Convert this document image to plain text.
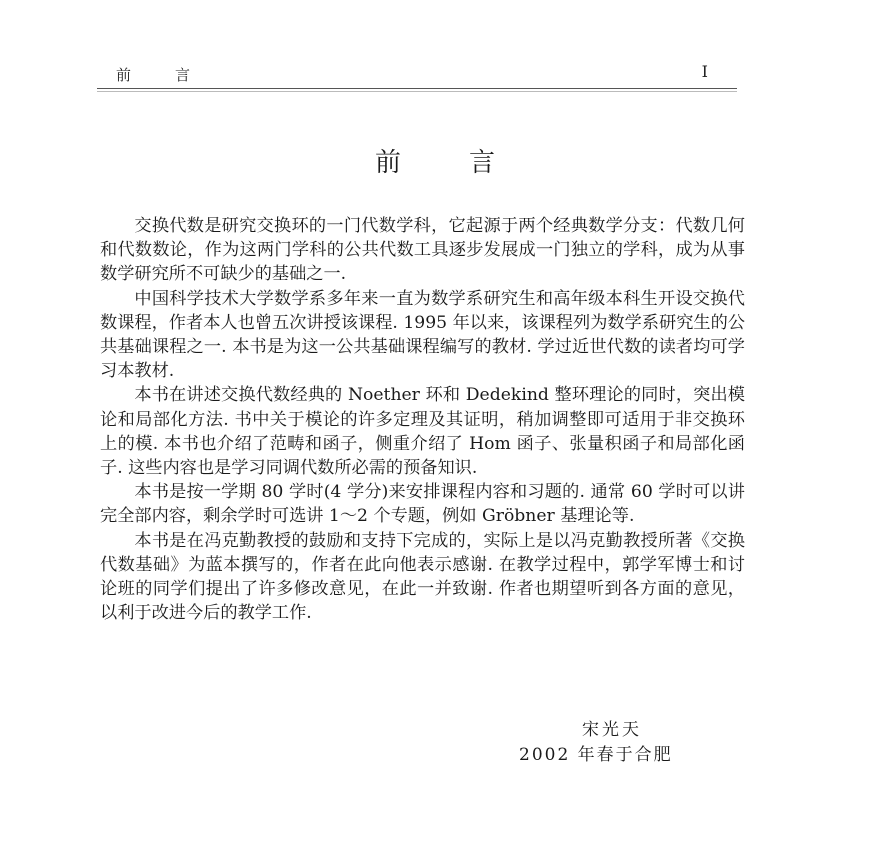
前言	I
前	言

交换代数是研究交换环的一门代数学科，它起源于两个经典数学分支：代数几何和代数数论，作为这两门学科的公共代数工具逐步发展成一门独立的学科，成为从事数学研究所不可缺少的基础之一.

中国科学技术大学数学系多年来一直为数学系研究生和高年级本科生开设交换代数课程，作者本人也曾五次讲授该课程. 1995 年以来，该课程列为数学系研究生的公共基础课程之一. 本书是为这一公共基础课程编写的教材. 学过近世代数的读者均可学习本教材.

本书在讲述交换代数经典的 Noether 环和 Dedekind 整环理论的同时，突出模论和局部化方法. 书中关于模论的许多定理及其证明，稍加调整即可适用于非交换环上的模. 本书也介绍了范畴和函子，侧重介绍了 Hom 函子、张量积函子和局部化函子. 这些内容也是学习同调代数所必需的预备知识.

本书是按一学期 80 学时(4 学分)来安排课程内容和习题的. 通常 60 学时可以讲完全部内容，剩余学时可选讲 1～2 个专题，例如 Gröbner 基理论等.

本书是在冯克勤教授的鼓励和支持下完成的，实际上是以冯克勤教授所著《交换代数基础》为蓝本撰写的，作者在此向他表示感谢. 在教学过程中，郭学军博士和讨论班的同学们提出了许多修改意见，在此一并致谢. 作者也期望听到各方面的意见，以利于改进今后的教学工作.

宋光天
2002 年春于合肥
